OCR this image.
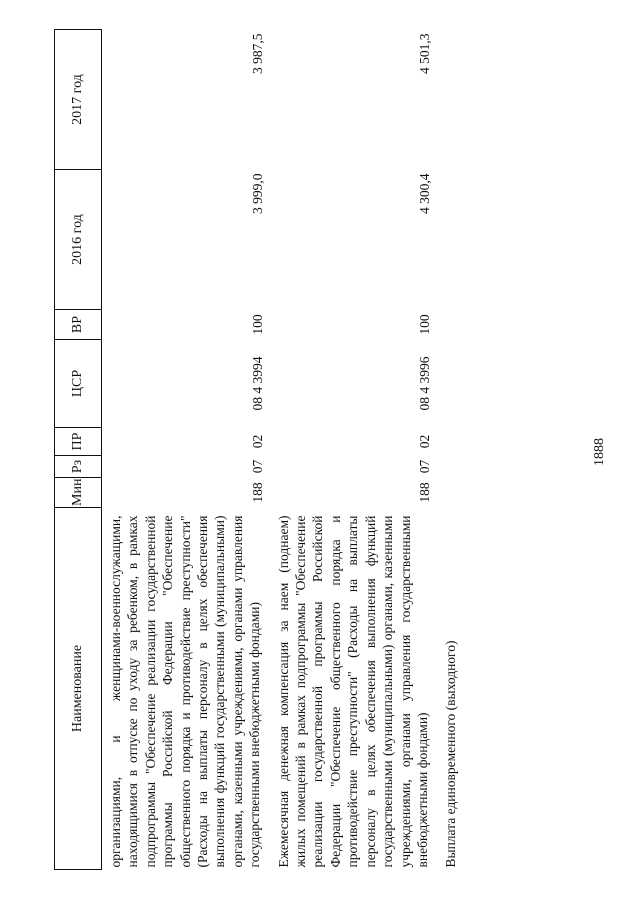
1888
Наименование	Мин	Рз	ПР	ЦСР	ВР	2016 год	2017 год
организациями, и женщинами-военнослужащими, находящимися в отпуске по уходу за ребенком, в рамках подпрограммы "Обеспечение реализации государственной программы Российской Федерации "Обеспечение общественного порядка и противодействие преступности" (Расходы на выплаты персоналу в целях обеспечения выполнения функций государственными (муниципальными) органами, казенными учреждениями, органами управления государственными внебюджетными фондами)	188	07	02	08 4 3994	100	3 999,0	3 987,5
Ежемесячная денежная компенсация за наем (поднаем) жилых помещений в рамках подпрограммы "Обеспечение реализации государственной программы Российской Федерации "Обеспечение общественного порядка и противодействие преступности" (Расходы на выплаты персоналу в целях обеспечения выполнения функций государственными (муниципальными) органами, казенными учреждениями, органами управления государственными внебюджетными фондами)	188	07	02	08 4 3996	100	4 300,4	4 501,3
Выплата единовременного (выходного)							
